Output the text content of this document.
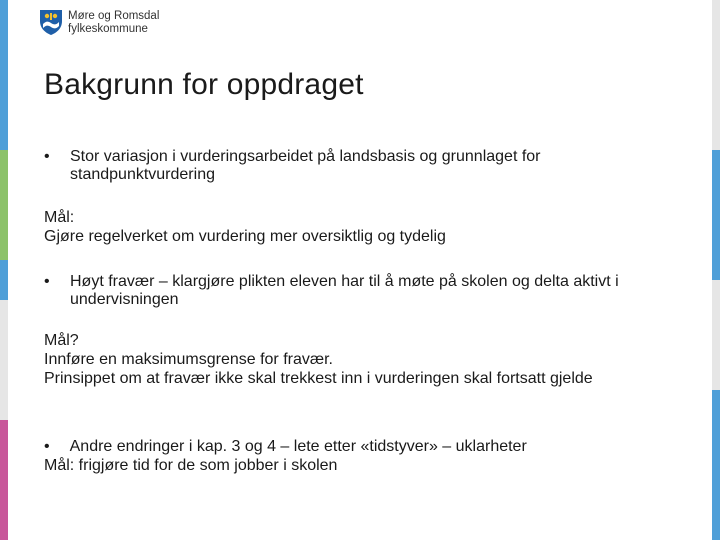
Møre og Romsdal
fylkeskommune
Bakgrunn for oppdraget
• Stor variasjon i vurderingsarbeidet på landsbasis og grunnlaget for standpunktvurdering
Mål:
Gjøre regelverket om vurdering mer oversiktlig og tydelig
• Høyt fravær – klargjøre plikten eleven har til å møte på skolen og delta aktivt i undervisningen
Mål?
Innføre en maksimumsgrense for fravær.
Prinsippet om at fravær ikke skal trekkest inn i vurderingen skal fortsatt gjelde
• Andre endringer i kap. 3 og 4 – lete etter «tidstyver» – uklarheter
Mål: frigjøre tid for de som jobber i skolen
